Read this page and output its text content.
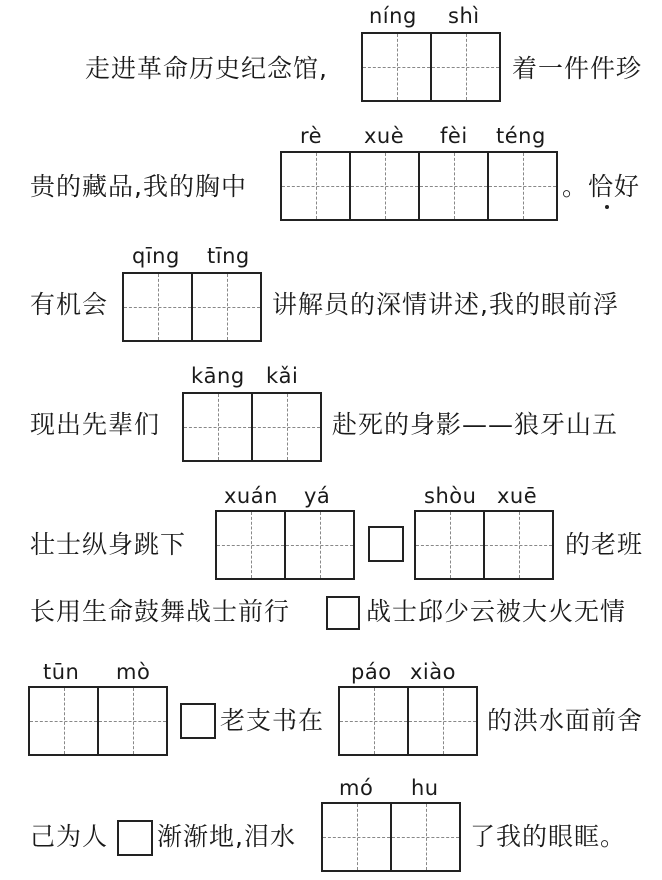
níng shì
走进革命历史纪念馆,	着一件件珍
rè xuè fèi téng
贵的藏品,我的胸中	。恰好
qīng tīng
有机会	讲解员的深情讲述,我的眼前浮
kāng kǎi
现出先辈们	赴死的身影——狼牙山五
xuán yá	shòu xuē
壮士纵身跳下	的老班
长用生命鼓舞战士前行	战士邱少云被大火无情
tūn mò	páo xiào
老支书在	的洪水面前舍
mó hu
己为人 渐渐地,泪水	了我的眼眶。
